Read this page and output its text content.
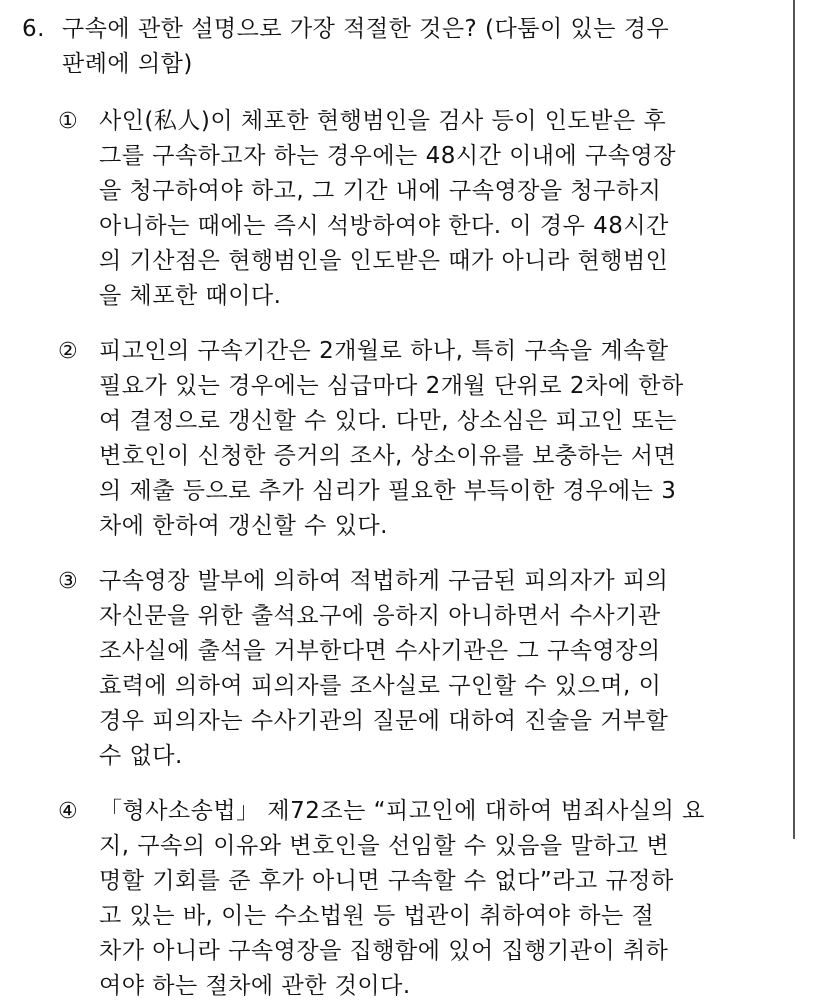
6. 구속에 관한 설명으로 가장 적절한 것은? (다툼이 있는 경우
판례에 의함)
① 사인(私人)이 체포한 현행범인을 검사 등이 인도받은 후
그를 구속하고자 하는 경우에는 48시간 이내에 구속영장
을 청구하여야 하고, 그 기간 내에 구속영장을 청구하지
아니하는 때에는 즉시 석방하여야 한다. 이 경우 48시간
의 기산점은 현행범인을 인도받은 때가 아니라 현행범인
을 체포한 때이다.
② 피고인의 구속기간은 2개월로 하나, 특히 구속을 계속할
필요가 있는 경우에는 심급마다 2개월 단위로 2차에 한하
여 결정으로 갱신할 수 있다. 다만, 상소심은 피고인 또는
변호인이 신청한 증거의 조사, 상소이유를 보충하는 서면
의 제출 등으로 추가 심리가 필요한 부득이한 경우에는 3
차에 한하여 갱신할 수 있다.
③ 구속영장 발부에 의하여 적법하게 구금된 피의자가 피의
자신문을 위한 출석요구에 응하지 아니하면서 수사기관
조사실에 출석을 거부한다면 수사기관은 그 구속영장의
효력에 의하여 피의자를 조사실로 구인할 수 있으며, 이
경우 피의자는 수사기관의 질문에 대하여 진술을 거부할
수 없다.
④ 「형사소송법」 제72조는 “피고인에 대하여 범죄사실의 요
지, 구속의 이유와 변호인을 선임할 수 있음을 말하고 변
명할 기회를 준 후가 아니면 구속할 수 없다”라고 규정하
고 있는 바, 이는 수소법원 등 법관이 취하여야 하는 절
차가 아니라 구속영장을 집행함에 있어 집행기관이 취하
여야 하는 절차에 관한 것이다.
